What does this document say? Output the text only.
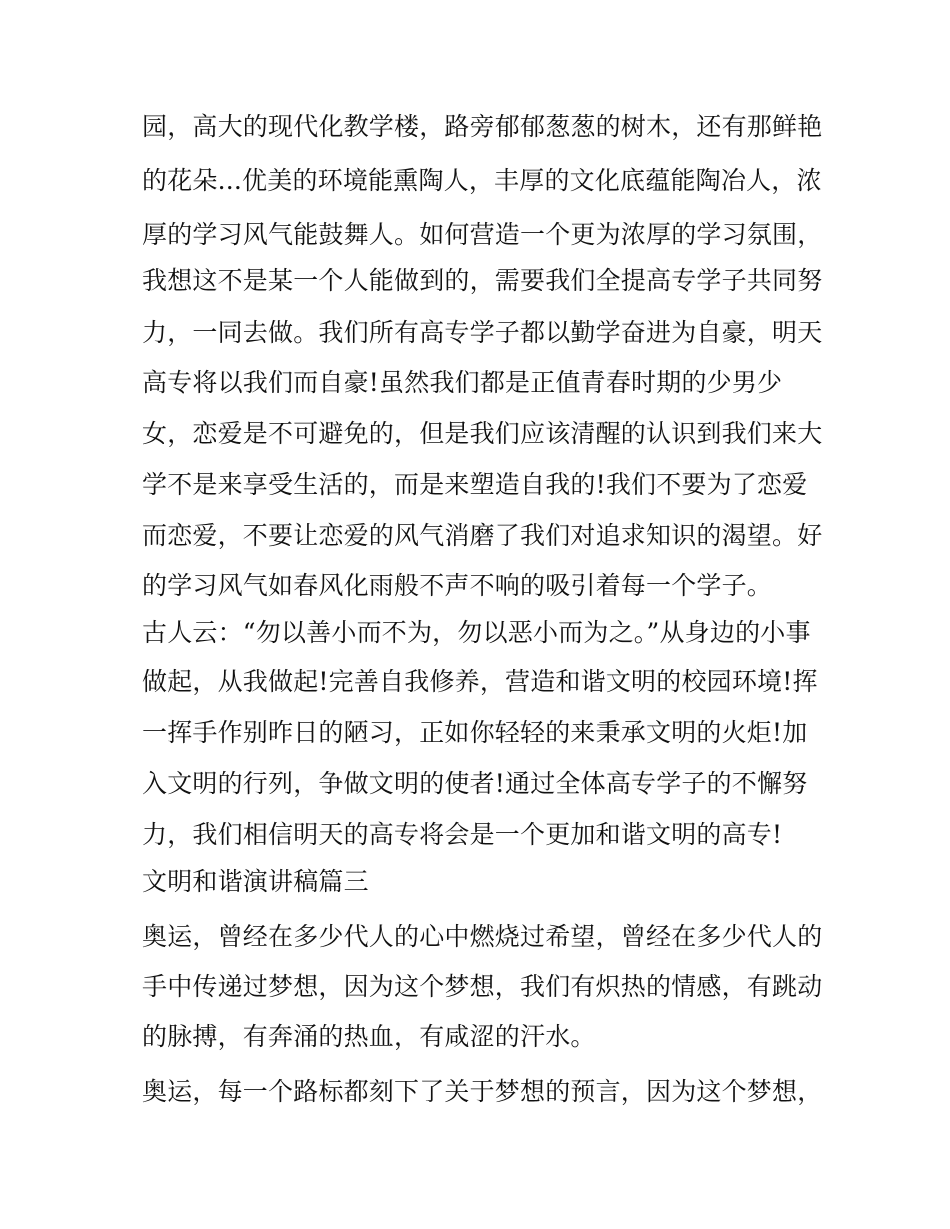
园，高大的现代化教学楼，路旁郁郁葱葱的树木，还有那鲜艳
的花朵...优美的环境能熏陶人，丰厚的文化底蕴能陶冶人，浓
厚的学习风气能鼓舞人。如何营造一个更为浓厚的学习氛围，
我想这不是某一个人能做到的，需要我们全提高专学子共同努
力，一同去做。我们所有高专学子都以勤学奋进为自豪，明天
高专将以我们而自豪!虽然我们都是正值青春时期的少男少
女，恋爱是不可避免的，但是我们应该清醒的认识到我们来大
学不是来享受生活的，而是来塑造自我的!我们不要为了恋爱
而恋爱，不要让恋爱的风气消磨了我们对追求知识的渴望。好
的学习风气如春风化雨般不声不响的吸引着每一个学子。
古人云：“勿以善小而不为，勿以恶小而为之。”从身边的小事
做起，从我做起!完善自我修养，营造和谐文明的校园环境!挥
一挥手作别昨日的陋习，正如你轻轻的来秉承文明的火炬!加
入文明的行列，争做文明的使者!通过全体高专学子的不懈努
力，我们相信明天的高专将会是一个更加和谐文明的高专!
文明和谐演讲稿篇三
奥运，曾经在多少代人的心中燃烧过希望，曾经在多少代人的
手中传递过梦想，因为这个梦想，我们有炽热的情感，有跳动
的脉搏，有奔涌的热血，有咸涩的汗水。
奥运，每一个路标都刻下了关于梦想的预言，因为这个梦想，
